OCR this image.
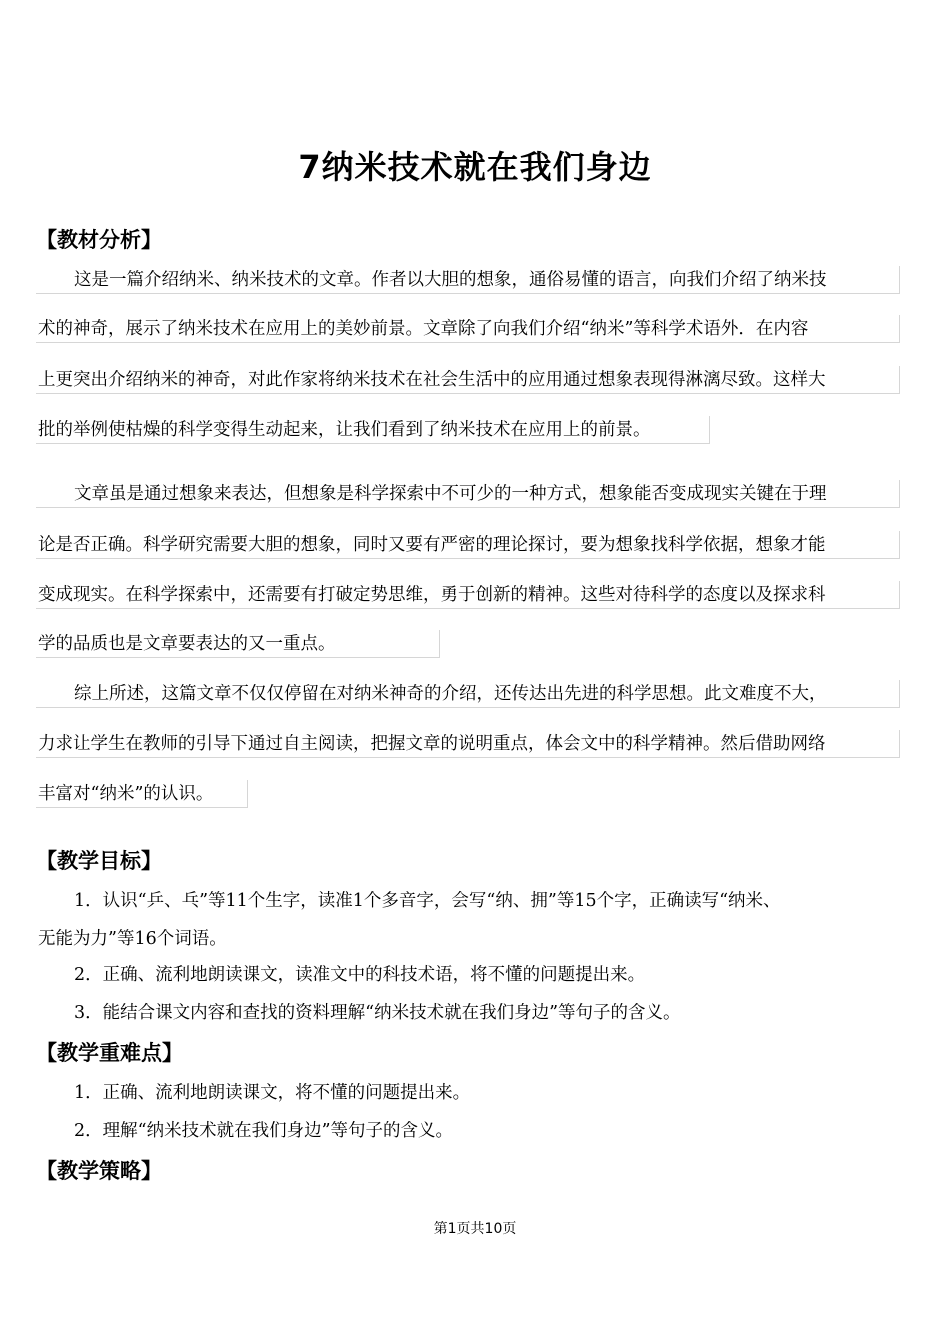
7纳米技术就在我们身边
【教材分析】
这是一篇介绍纳米、纳米技术的文章。作者以大胆的想象，通俗易懂的语言，向我们介绍了纳米技
术的神奇，展示了纳米技术在应用上的美妙前景。文章除了向我们介绍“纳米”等科学术语外．在内容
上更突出介绍纳米的神奇，对此作家将纳米技术在社会生活中的应用通过想象表现得淋漓尽致。这样大
批的举例使枯燥的科学变得生动起来，让我们看到了纳米技术在应用上的前景。
文章虽是通过想象来表达，但想象是科学探索中不可少的一种方式，想象能否变成现实关键在于理
论是否正确。科学研究需要大胆的想象，同时又要有严密的理论探讨，要为想象找科学依据，想象才能
变成现实。在科学探索中，还需要有打破定势思维，勇于创新的精神。这些对待科学的态度以及探求科
学的品质也是文章要表达的又一重点。
综上所述，这篇文章不仅仅停留在对纳米神奇的介绍，还传达出先进的科学思想。此文难度不大，
力求让学生在教师的引导下通过自主阅读，把握文章的说明重点，体会文中的科学精神。然后借助网络
丰富对“纳米”的认识。
【教学目标】
1．认识“乒、乓”等11个生字，读准1个多音字，会写“纳、拥”等15个字，正确读写“纳米、
无能为力”等16个词语。
2．正确、流利地朗读课文，读准文中的科技术语，将不懂的问题提出来。
3．能结合课文内容和查找的资料理解“纳米技术就在我们身边”等句子的含义。
【教学重难点】
1．正确、流利地朗读课文，将不懂的问题提出来。
2．理解“纳米技术就在我们身边”等句子的含义。
【教学策略】
第1页共10页
